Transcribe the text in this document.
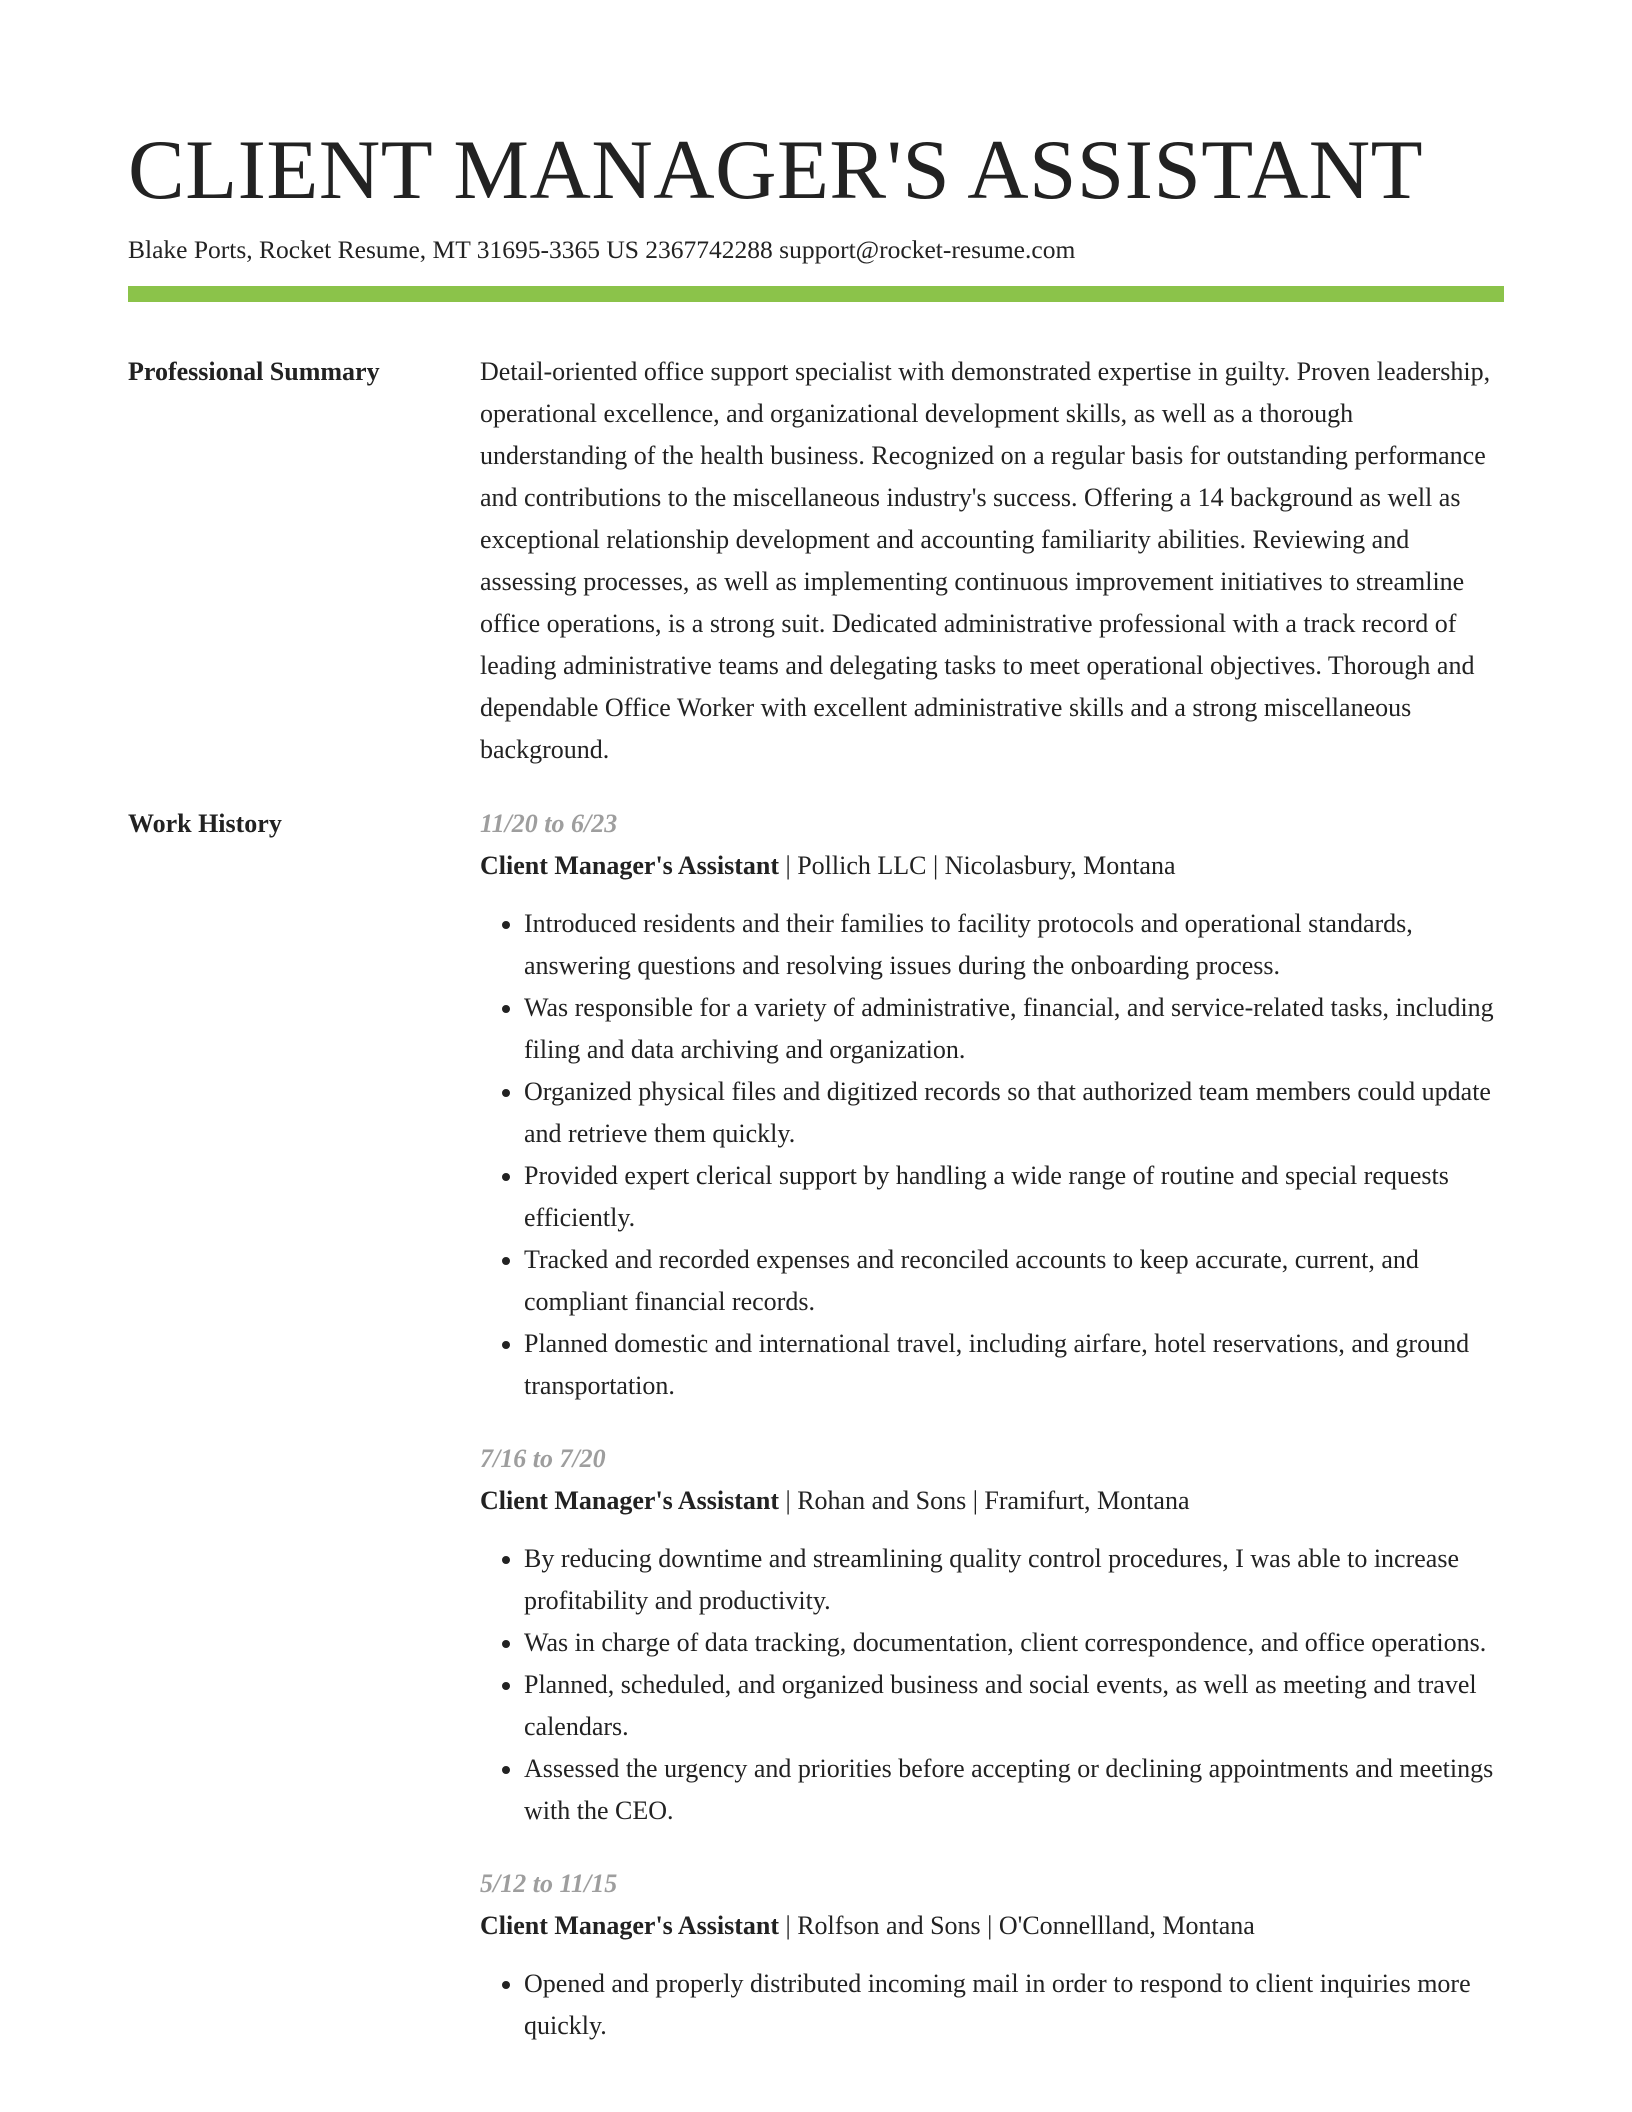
CLIENT MANAGER'S ASSISTANT
Blake Ports, Rocket Resume, MT 31695-3365 US 2367742288 support@rocket-resume.com
Professional Summary	Detail-oriented office support specialist with demonstrated expertise in guilty. Proven leadership, operational excellence, and organizational development skills, as well as a thorough understanding of the health business. Recognized on a regular basis for outstanding performance and contributions to the miscellaneous industry's success. Offering a 14 background as well as exceptional relationship development and accounting familiarity abilities. Reviewing and assessing processes, as well as implementing continuous improvement initiatives to streamline office operations, is a strong suit. Dedicated administrative professional with a track record of leading administrative teams and delegating tasks to meet operational objectives. Thorough and dependable Office Worker with excellent administrative skills and a strong miscellaneous background.

Work History	11/20 to 6/23
Client Manager's Assistant | Pollich LLC | Nicolasbury, Montana
• Introduced residents and their families to facility protocols and operational standards, answering questions and resolving issues during the onboarding process.
• Was responsible for a variety of administrative, financial, and service-related tasks, including filing and data archiving and organization.
• Organized physical files and digitized records so that authorized team members could update and retrieve them quickly.
• Provided expert clerical support by handling a wide range of routine and special requests efficiently.
• Tracked and recorded expenses and reconciled accounts to keep accurate, current, and compliant financial records.
• Planned domestic and international travel, including airfare, hotel reservations, and ground transportation.
7/16 to 7/20
Client Manager's Assistant | Rohan and Sons | Framifurt, Montana
• By reducing downtime and streamlining quality control procedures, I was able to increase profitability and productivity.
• Was in charge of data tracking, documentation, client correspondence, and office operations.
• Planned, scheduled, and organized business and social events, as well as meeting and travel calendars.
• Assessed the urgency and priorities before accepting or declining appointments and meetings with the CEO.
5/12 to 11/15
Client Manager's Assistant | Rolfson and Sons | O'Connellland, Montana
• Opened and properly distributed incoming mail in order to respond to client inquiries more quickly.
